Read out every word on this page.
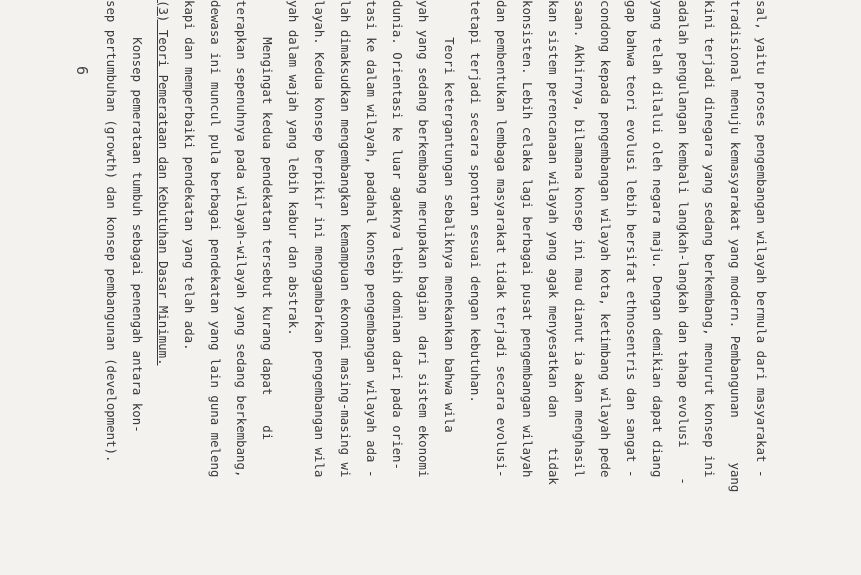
6	sal, yaitu proses pengembangan wilayah bermula dari masyarakat -
tradisional menuju kemasyarakat yang modern. Pembangunan      yang
kini terjadi dinegara yang sedang berkembang, menurut konsep ini
adalah pengulangan kembali langkah-langkah dan tahap evolusi    -
yang telah dilalui oleh negara maju. Dengan demikian dapat diang
gap bahwa teori evolusi lebih bersifat ethnosentris dan sangat -
condong kepada pengembangan wilayah kota, ketimbang wilayah pede
saan. Akhirnya, bilamana konsep ini mau dianut ia akan menghasil
kan sistem perencanaan wilayah yang agak menyesatkan dan    tidak
konsisten. Lebih celaka lagi berbagai pusat pengembangan wilayah
dan pembentukan lembaga masyarakat tidak terjadi secara evolusi-
tetapi terjadi secara spontan sesuai dengan kebutuhan.
Teori ketergantungan sebaliknya menekankan bahwa wila
yah yang sedang berkembang merupakan bagian  dari sistem ekonomi
dunia. Orientasi ke luar agaknya lebih dominan dari pada orien-
tasi ke dalam wilayah, padahal konsep pengembangan wilayah ada -
lah dimaksudkan mengembangkan kemampuan ekonomi masing-masing wi
layah. Kedua konsep berpikir ini menggambarkan pengembangan wila
yah dalam wajah yang lebih kabur dan abstrak.
Mengingat kedua pendekatan tersebut kurang dapat    di
terapkan sepenuhnya pada wilayah-wilayah yang sedang berkembang,
dewasa ini muncul pula berbagai pendekatan yang lain guna meleng
kapi dan memperbaiki pendekatan yang telah ada.
(3) Teori Pemerataan dan Kebutuhan Dasar Minimum.
Konsep pemerataan tumbuh sebagai penengah antara kon-
sep pertumbuhan (growth) dan konsep pembangunan (development).
